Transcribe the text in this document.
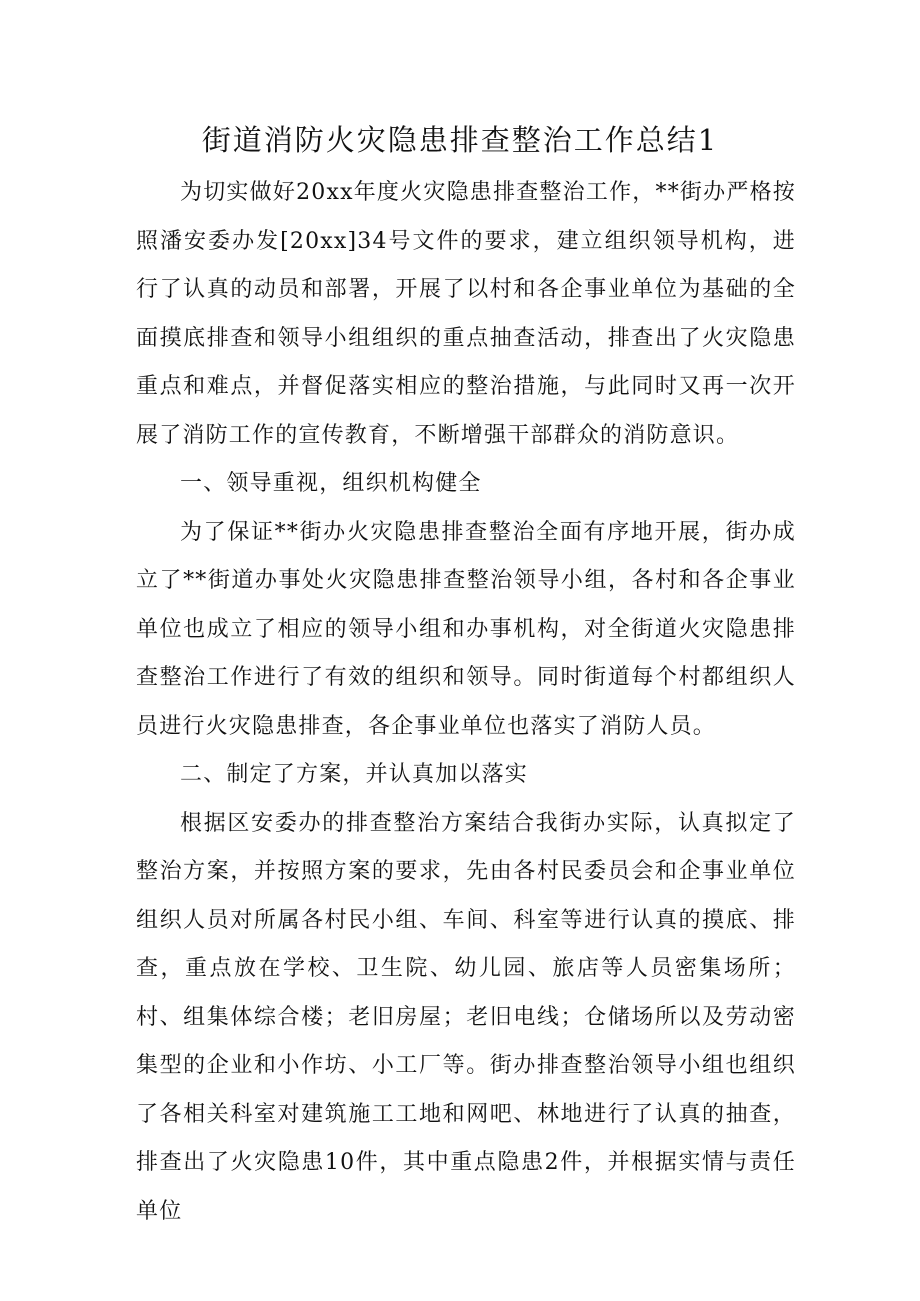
街道消防火灾隐患排查整治工作总结1

为切实做好20xx年度火灾隐患排查整治工作，**街办严格按照潘安委办发[20xx]34号文件的要求，建立组织领导机构，进行了认真的动员和部署，开展了以村和各企事业单位为基础的全面摸底排查和领导小组组织的重点抽查活动，排查出了火灾隐患重点和难点，并督促落实相应的整治措施，与此同时又再一次开展了消防工作的宣传教育，不断增强干部群众的消防意识。

一、领导重视，组织机构健全

为了保证**街办火灾隐患排查整治全面有序地开展，街办成立了**街道办事处火灾隐患排查整治领导小组，各村和各企事业单位也成立了相应的领导小组和办事机构，对全街道火灾隐患排查整治工作进行了有效的组织和领导。同时街道每个村都组织人员进行火灾隐患排查，各企事业单位也落实了消防人员。

二、制定了方案，并认真加以落实

根据区安委办的排查整治方案结合我街办实际，认真拟定了整治方案，并按照方案的要求，先由各村民委员会和企事业单位组织人员对所属各村民小组、车间、科室等进行认真的摸底、排查，重点放在学校、卫生院、幼儿园、旅店等人员密集场所；村、组集体综合楼；老旧房屋；老旧电线；仓储场所以及劳动密集型的企业和小作坊、小工厂等。街办排查整治领导小组也组织了各相关科室对建筑施工工地和网吧、林地进行了认真的抽查，排查出了火灾隐患10件，其中重点隐患2件，并根据实情与责任单位
